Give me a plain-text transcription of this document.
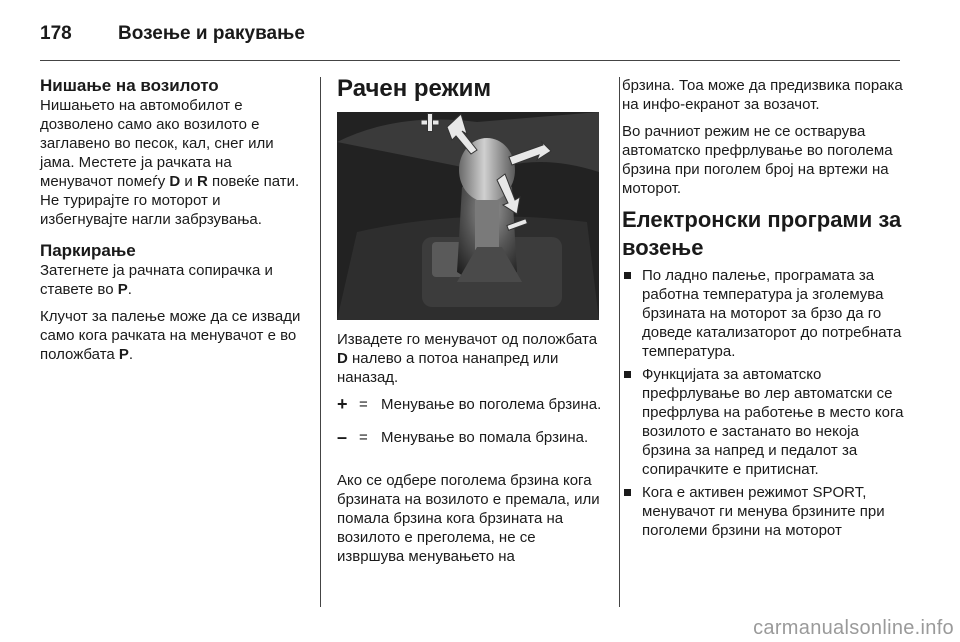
178	Возење и ракување
Нишање на возилото

Нишањето на автомобилот е дозволено само ако возилото е заглавено во песок, кал, снег или јама. Местете ја рачката на менувачот помеѓу D и R повеќе пати. Не турирајте го моторот и избегнувајте нагли забрзувања.

Паркирање

Затегнете ја рачната сопирачка и ставете во P.

Клучот за палење може да се извади само кога рачката на менувачот е во положбата P.

Рачен режим

Извадете го менувачот од положбата D налево а потоа нанапред или наназад.

+ = Менување во поголема брзина.
– = Менување во помала брзина.

Ако се одбере поголема брзина кога брзината на возилото е премала, или помала брзина кога брзината на возилото е преголема, не се извршува менувањето на

брзина. Тоа може да предизвика порака на инфо-екранот за возачот.

Во рачниот режим не се остварува автоматско префрлување во поголема брзина при поголем број на вртежи на моторот.

Електронски програми за возење
По ладно палење, програмата за работна температура ја зголемува брзината на моторот за брзо да го доведе катализаторот до потребната температура.
Функцијата за автоматско префрлување во лер автоматски се префрлува на работење в место кога возилото е застанато во некоја брзина за напред и педалот за сопирачките е притиснат.
Кога е активен режимот SPORT, менувачот ги менува брзините при поголеми брзини на моторот
carmanualsonline.info
